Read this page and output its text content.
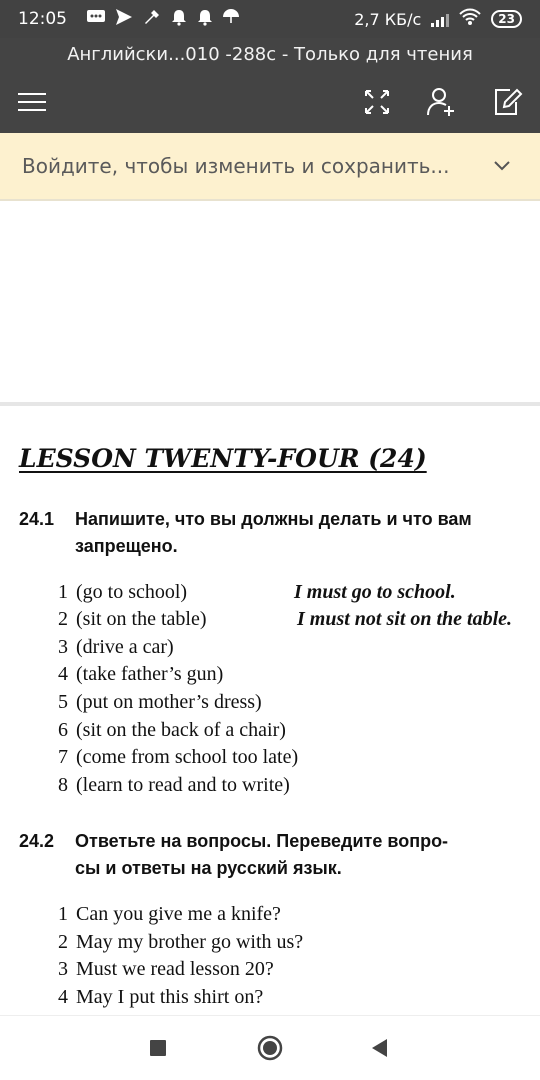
12:05	2,7 КБ/с	23
Английски...010 -288с - Только для чтения
Войдите, чтобы изменить и сохранить...
LESSON TWENTY-FOUR (24)
24.1 Напишите, что вы должны делать и что вам запрещено.
1 (go to school)	I must go to school.
2 (sit on the table)	I must not sit on the table.
3 (drive a car)
4 (take father’s gun)
5 (put on mother’s dress)
6 (sit on the back of a chair)
7 (come from school too late)
8 (learn to read and to write)
24.2 Ответьте на вопросы. Переведите вопро-
сы и ответы на русский язык.
1 Can you give me a knife?
2 May my brother go with us?
3 Must we read lesson 20?
4 May I put this shirt on?
